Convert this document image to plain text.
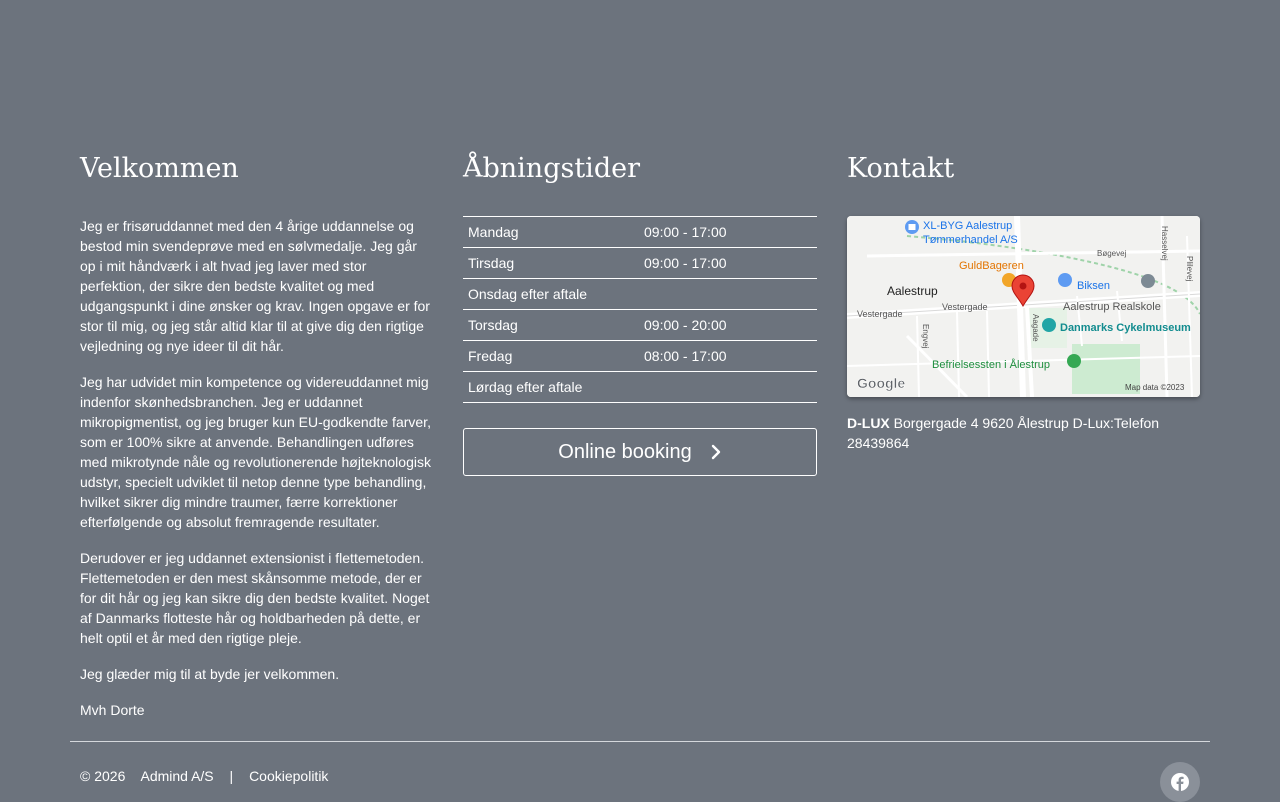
Velkommen

Jeg er frisøruddannet med den 4 årige uddannelse og bestod min svendeprøve med en sølvmedalje. Jeg går op i mit håndværk i alt hvad jeg laver med stor perfektion, der sikre den bedste kvalitet og med udgangspunkt i dine ønsker og krav. Ingen opgave er for stor til mig, og jeg står altid klar til at give dig den rigtige vejledning og nye ideer til dit hår.

Jeg har udvidet min kompetence og videreuddannet mig indenfor skønhedsbranchen. Jeg er uddannet mikropigmentist, og jeg bruger kun EU-godkendte farver, som er 100% sikre at anvende. Behandlingen udføres med mikrotynde nåle og revolutionerende højteknologisk udstyr, specielt udviklet til netop denne type behandling, hvilket sikrer dig mindre traumer, færre korrektioner efterfølgende og absolut fremragende resultater.

Derudover er jeg uddannet extensionist i flettemetoden. Flettemetoden er den mest skånsomme metode, der er for dit hår og jeg kan sikre dig den bedste kvalitet. Noget af Danmarks flotteste hår og holdbarheden på dette, er helt optil et år med den rigtige pleje.

Jeg glæder mig til at byde jer velkommen.

Mvh Dorte

Åbningstider
Mandag	09:00 - 17:00
Tirsdag	09:00 - 17:00
Onsdag efter aftale	
Torsdag	09:00 - 20:00
Fredag	08:00 - 17:00
Lørdag efter aftale	
Online booking
Kontakt
XL-BYG Aalestrup
Tømmerhandel A/S
GuldBageren
Biksen
Aalestrup Realskole
Danmarks Cykelmuseum
Befrielsessten i Ålestrup
Aalestrup
Vestergade
Vestergade
Bøgevej	Hasselvej
Plilevej
Engvej	Aagade
Google	Map data ©2023
D-LUX Borgergade 4 9620 Ålestrup D-Lux:Telefon 28439864
© 2026 Admind A/S | Cookiepolitik
